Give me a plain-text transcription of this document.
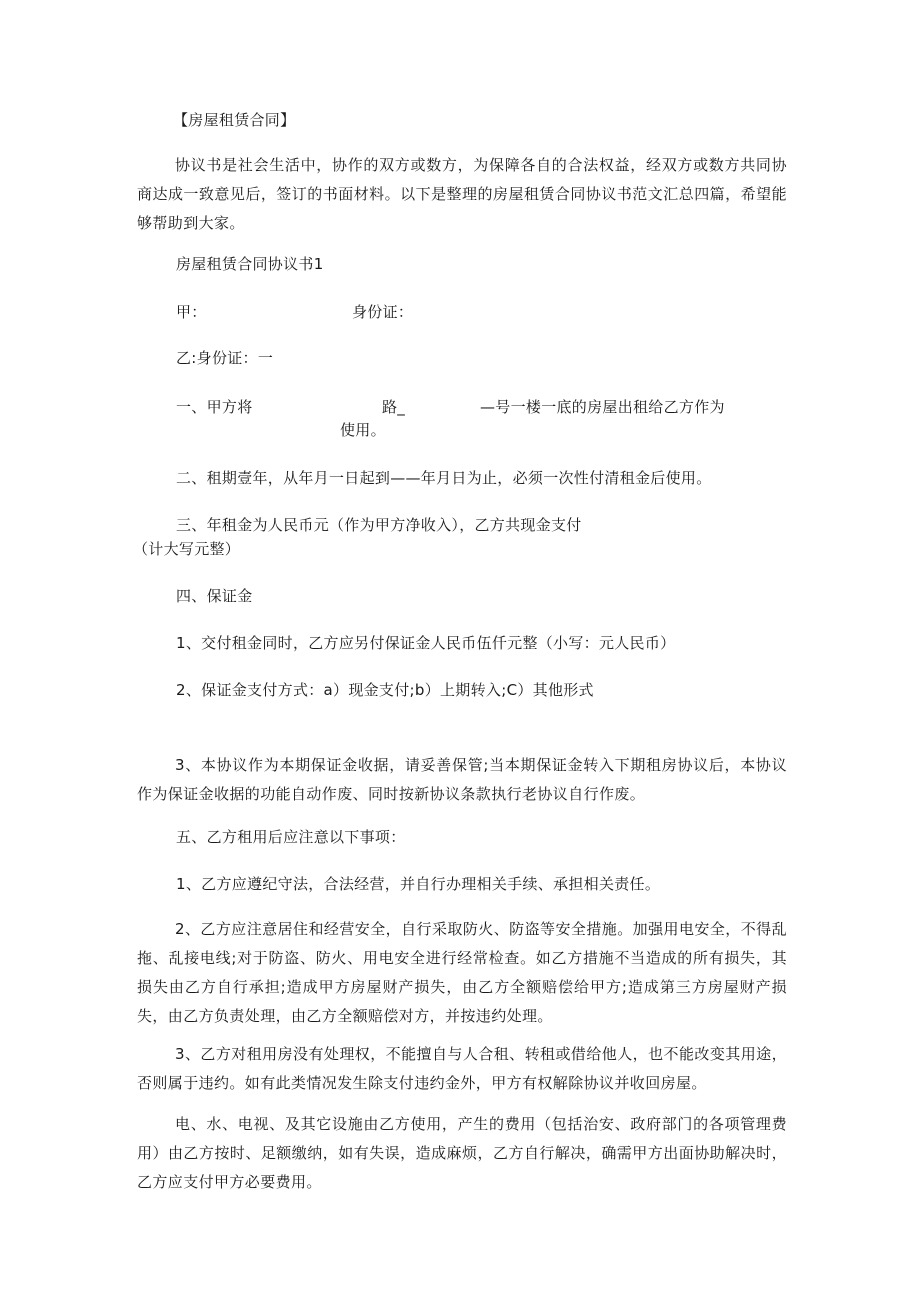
【房屋租赁合同】
协议书是社会生活中，协作的双方或数方，为保障各自的合法权益，经双方或数方共同协商达成一致意见后，签订的书面材料。以下是整理的房屋租赁合同协议书范文汇总四篇，希望能够帮助到大家。
房屋租赁合同协议书1
甲：	身份证：
乙:身份证：一
一、甲方将	路_	—号一楼一底的房屋出租给乙方作为
使用。
二、租期壹年，从年月一日起到——年月日为止，必须一次性付清租金后使用。
三、年租金为人民币元（作为甲方净收入），乙方共现金支付
（计大写元整）
四、保证金
1、交付租金同时，乙方应另付保证金人民币伍仟元整（小写：元人民币）
2、保证金支付方式：a）现金支付;b）上期转入;C）其他形式
3、本协议作为本期保证金收据，请妥善保管;当本期保证金转入下期租房协议后，本协议作为保证金收据的功能自动作废、同时按新协议条款执行老协议自行作废。
五、乙方租用后应注意以下事项：
1、乙方应遵纪守法，合法经营，并自行办理相关手续、承担相关责任。
2、乙方应注意居住和经营安全，自行采取防火、防盗等安全措施。加强用电安全，不得乱拖、乱接电线;对于防盗、防火、用电安全进行经常检查。如乙方措施不当造成的所有损失，其损失由乙方自行承担;造成甲方房屋财产损失，由乙方全额赔偿给甲方;造成第三方房屋财产损失，由乙方负责处理，由乙方全额赔偿对方，并按违约处理。
3、乙方对租用房没有处理权，不能擅自与人合租、转租或借给他人，也不能改变其用途，否则属于违约。如有此类情况发生除支付违约金外，甲方有权解除协议并收回房屋。
电、水、电视、及其它设施由乙方使用，产生的费用（包括治安、政府部门的各项管理费用）由乙方按时、足额缴纳，如有失误，造成麻烦，乙方自行解决，确需甲方出面协助解决时，乙方应支付甲方必要费用。
